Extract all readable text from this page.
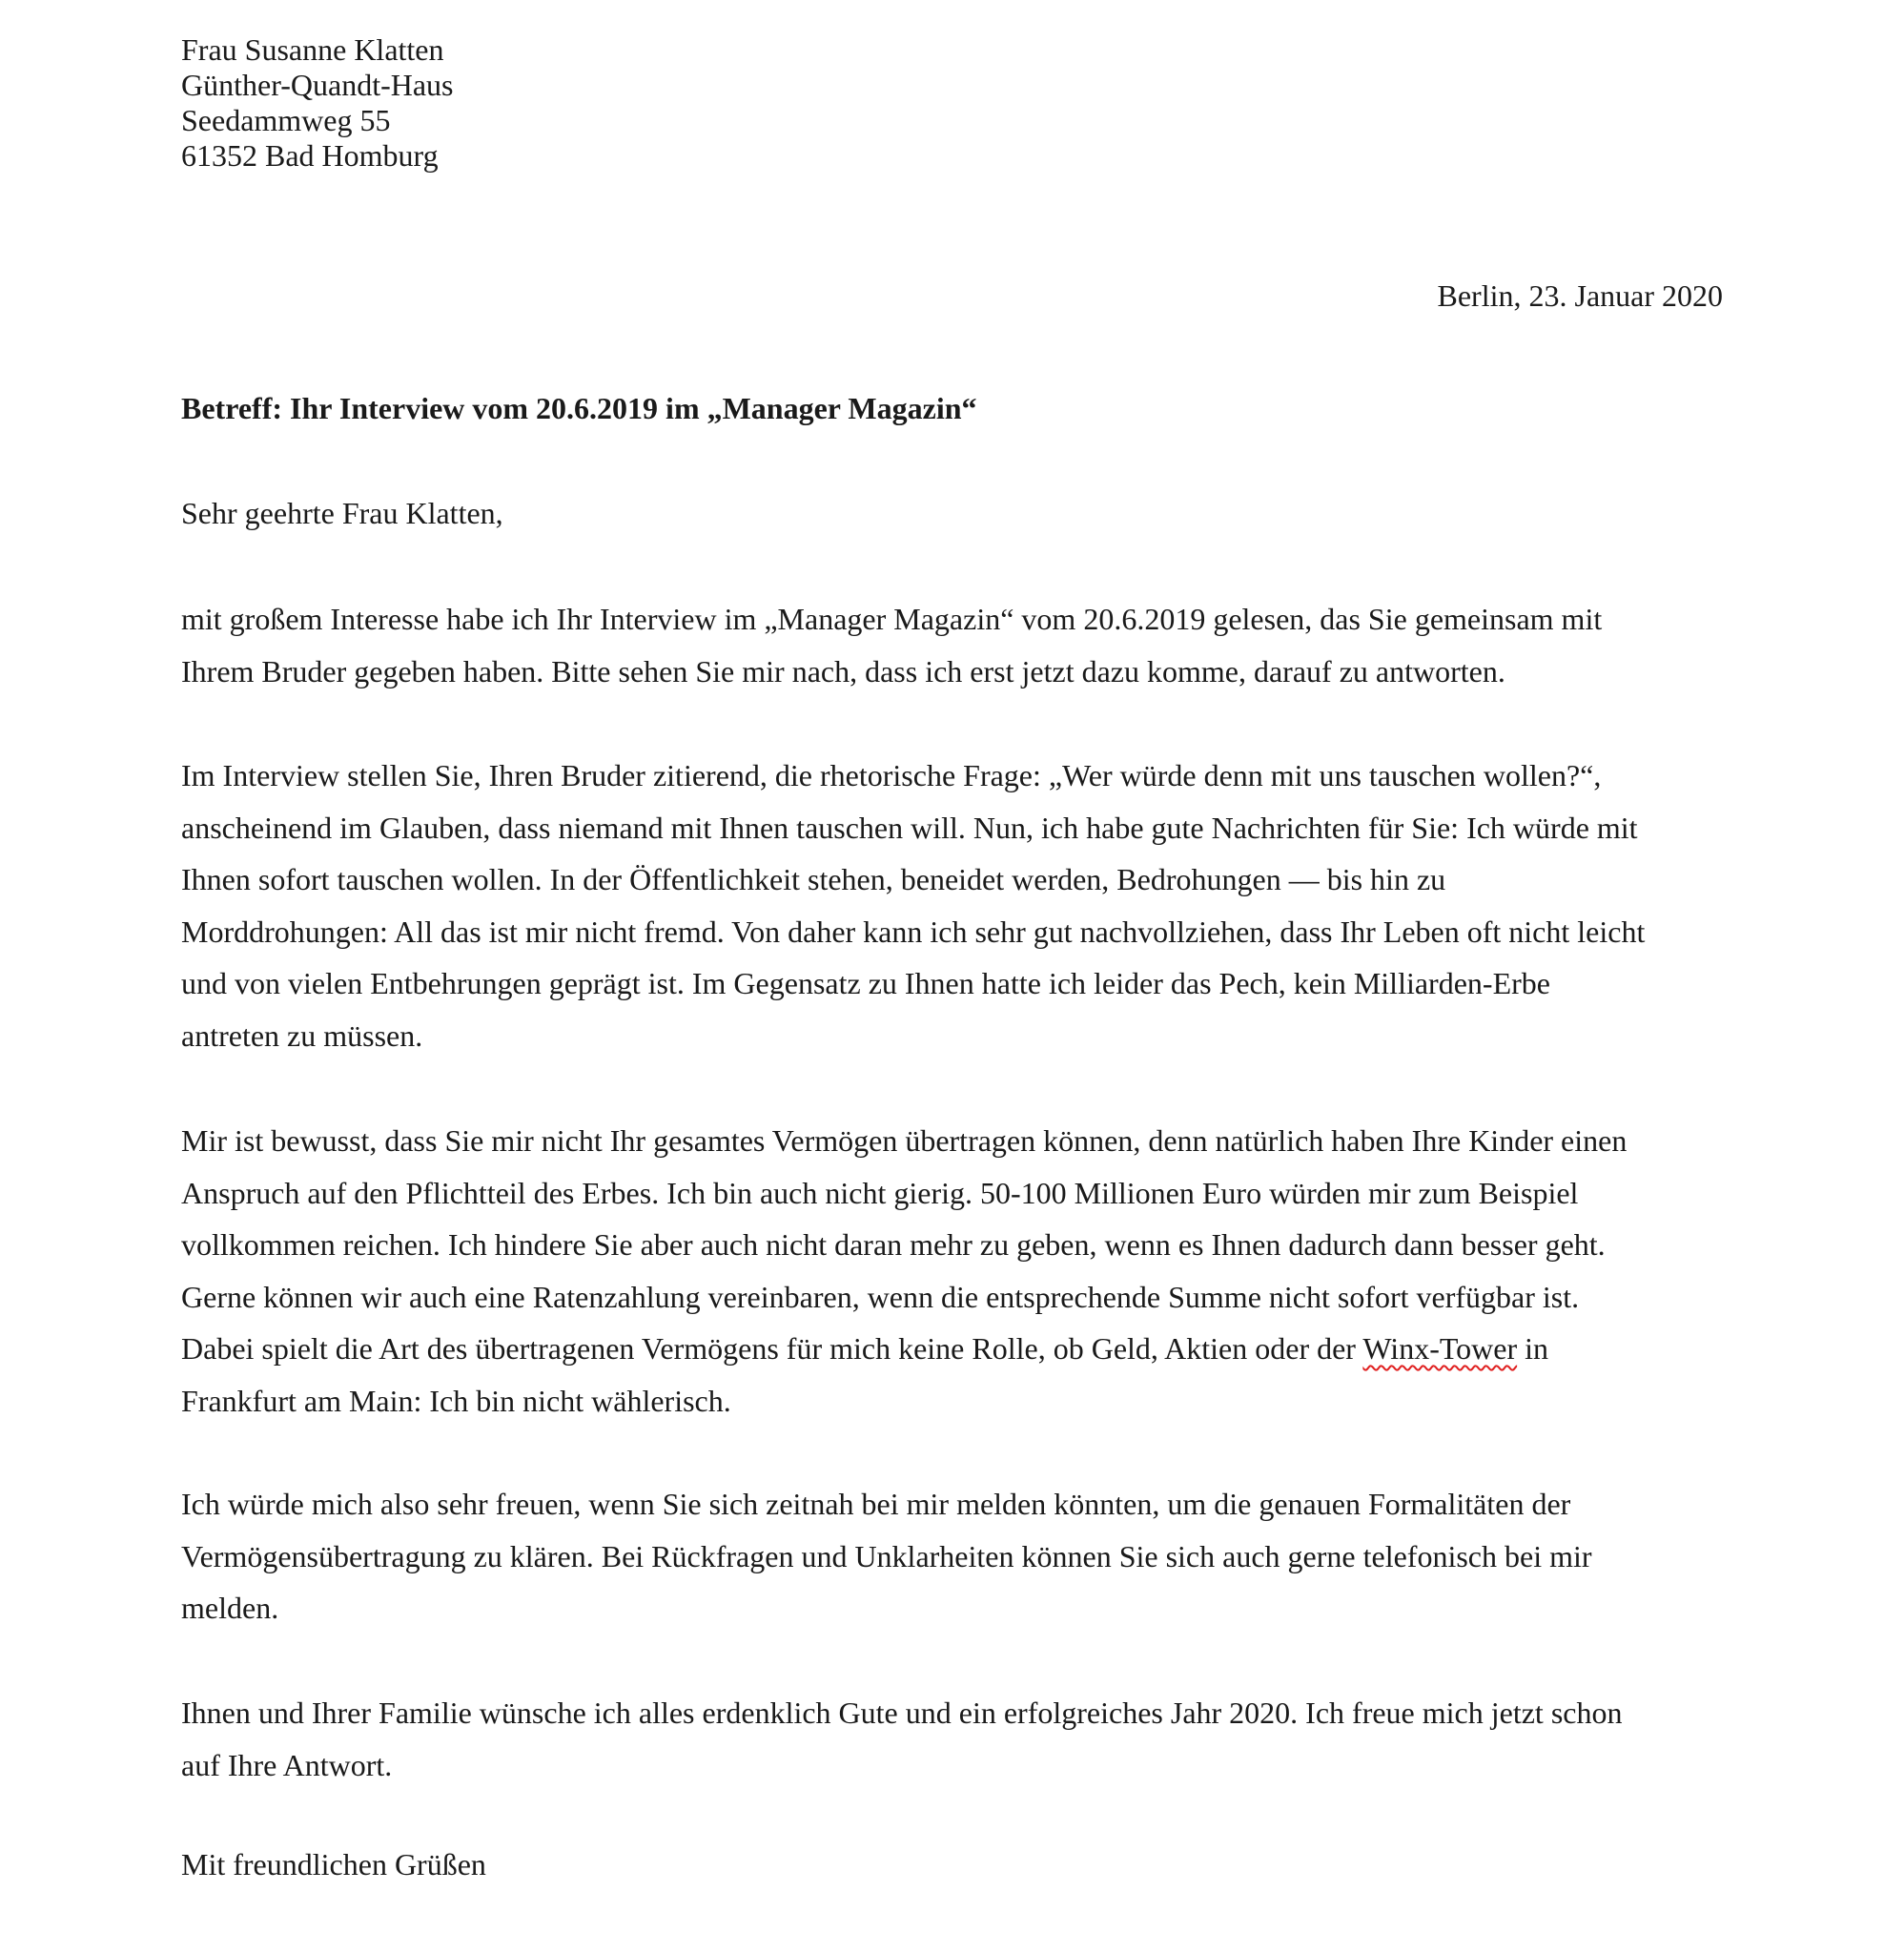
Frau Susanne Klatten
Günther-Quandt-Haus
Seedammweg 55
61352 Bad Homburg
Berlin, 23. Januar 2020
Betreff: Ihr Interview vom 20.6.2019 im „Manager Magazin“
Sehr geehrte Frau Klatten,
mit großem Interesse habe ich Ihr Interview im „Manager Magazin“ vom 20.6.2019 gelesen, das Sie gemeinsam mit
Ihrem Bruder gegeben haben. Bitte sehen Sie mir nach, dass ich erst jetzt dazu komme, darauf zu antworten.
Im Interview stellen Sie, Ihren Bruder zitierend, die rhetorische Frage: „Wer würde denn mit uns tauschen wollen?“,
anscheinend im Glauben, dass niemand mit Ihnen tauschen will. Nun, ich habe gute Nachrichten für Sie: Ich würde mit
Ihnen sofort tauschen wollen. In der Öffentlichkeit stehen, beneidet werden, Bedrohungen — bis hin zu
Morddrohungen: All das ist mir nicht fremd. Von daher kann ich sehr gut nachvollziehen, dass Ihr Leben oft nicht leicht
und von vielen Entbehrungen geprägt ist. Im Gegensatz zu Ihnen hatte ich leider das Pech, kein Milliarden-Erbe
antreten zu müssen.
Mir ist bewusst, dass Sie mir nicht Ihr gesamtes Vermögen übertragen können, denn natürlich haben Ihre Kinder einen
Anspruch auf den Pflichtteil des Erbes. Ich bin auch nicht gierig. 50-100 Millionen Euro würden mir zum Beispiel
vollkommen reichen. Ich hindere Sie aber auch nicht daran mehr zu geben, wenn es Ihnen dadurch dann besser geht.
Gerne können wir auch eine Ratenzahlung vereinbaren, wenn die entsprechende Summe nicht sofort verfügbar ist.
Dabei spielt die Art des übertragenen Vermögens für mich keine Rolle, ob Geld, Aktien oder der Winx-Tower in
Frankfurt am Main: Ich bin nicht wählerisch.
Ich würde mich also sehr freuen, wenn Sie sich zeitnah bei mir melden könnten, um die genauen Formalitäten der
Vermögensübertragung zu klären. Bei Rückfragen und Unklarheiten können Sie sich auch gerne telefonisch bei mir
melden.
Ihnen und Ihrer Familie wünsche ich alles erdenklich Gute und ein erfolgreiches Jahr 2020. Ich freue mich jetzt schon
auf Ihre Antwort.
Mit freundlichen Grüßen
